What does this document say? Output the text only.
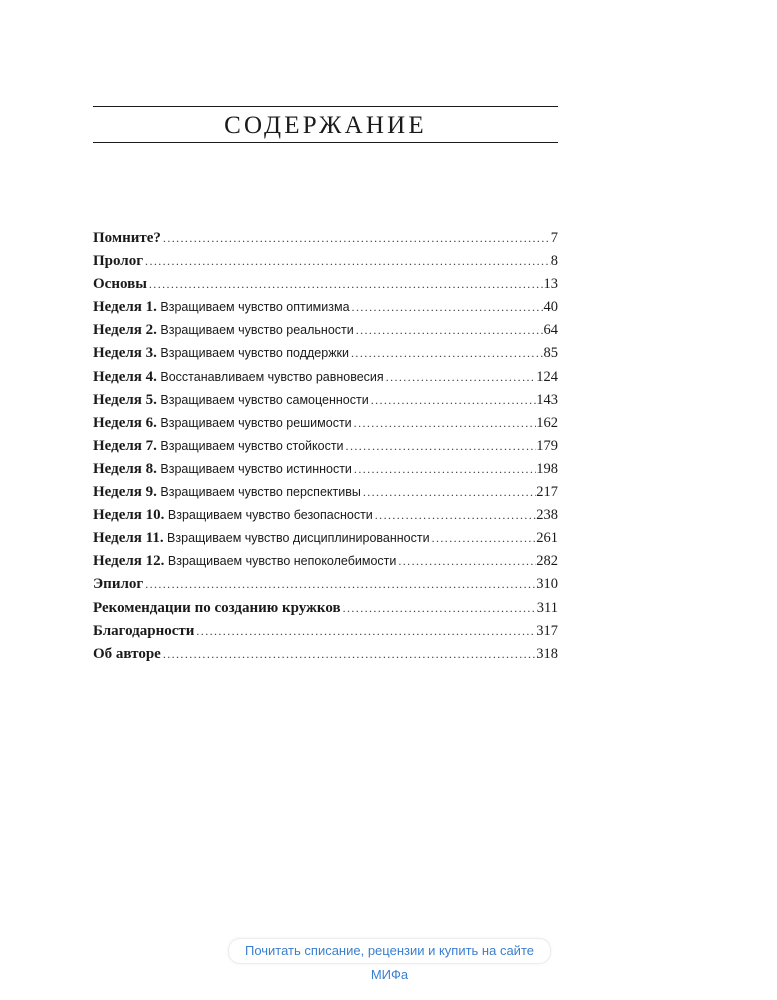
СОДЕРЖАНИЕ
Помните? .....	7
Пролог .....	8
Основы .....	13
Неделя 1. Взращиваем чувство оптимизма .....	40
Неделя 2. Взращиваем чувство реальности .....	64
Неделя 3. Взращиваем чувство поддержки .....	85
Неделя 4. Восстанавливаем чувство равновесия .....	124
Неделя 5. Взращиваем чувство самоценности .....	143
Неделя 6. Взращиваем чувство решимости .....	162
Неделя 7. Взращиваем чувство стойкости .....	179
Неделя 8. Взращиваем чувство истинности .....	198
Неделя 9. Взращиваем чувство перспективы .....	217
Неделя 10. Взращиваем чувство безопасности .....	238
Неделя 11. Взращиваем чувство дисциплинированности .....	261
Неделя 12. Взращиваем чувство непоколебимости .....	282
Эпилог .....	310
Рекомендации по созданию кружков .....	311
Благодарности .....	317
Об авторе .....	318
Почитать списание, рецензии и купить на сайте МИФа
